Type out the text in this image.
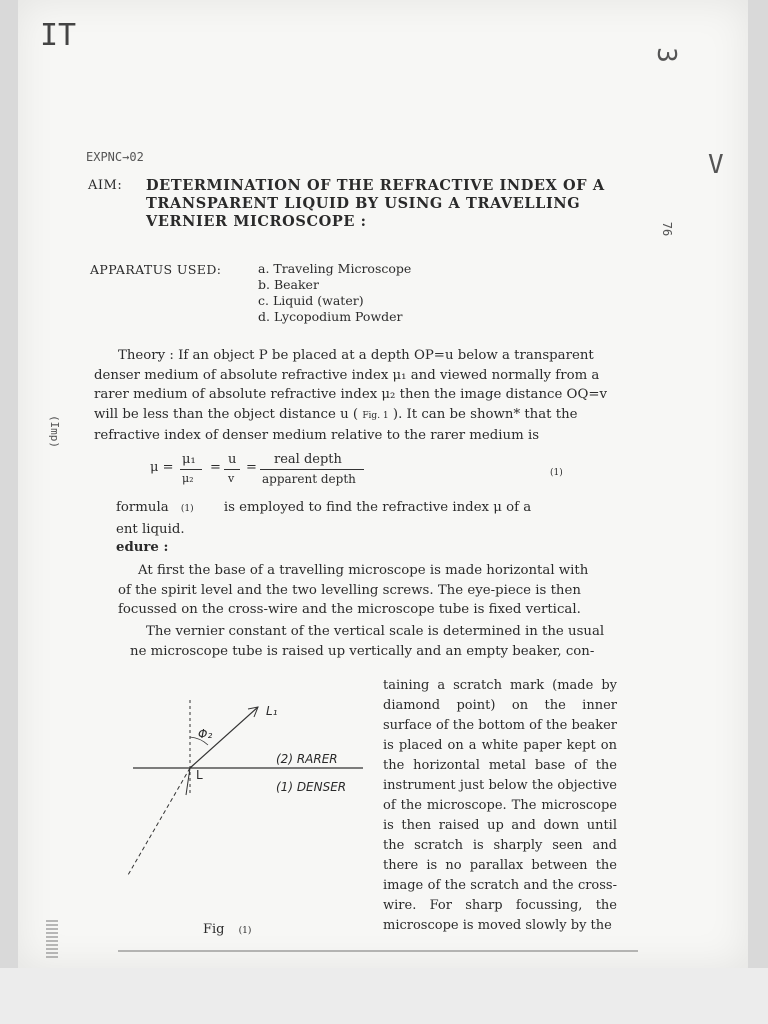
IT
3
V
76
EXPNC→02
(Imp)
AIM: DETERMINATION OF THE REFRACTIVE INDEX OF A TRANSPARENT LIQUID BY USING A TRAVELLING VERNIER MICROSCOPE :
APPARATUS USED:	a. Traveling Microscope
b. Beaker
c. Liquid (water)
d. Lycopodium Powder
Theory : If an object P be placed at a depth OP=u below a transparent
denser medium of absolute refractive index μ₁ and viewed normally from a
rarer medium of absolute refractive index μ₂ then the image distance OQ=v
will be less than the object distance u ( Fig. 1 ). It can be shown* that the
refractive index of denser medium relative to the rarer medium is
μ =
μ₁
μ₂
=
u
v
=
real depth
apparent depth	(1)
formula (1) is employed to find the refractive index μ of a
ent liquid.
edure :
At first the base of a travelling microscope is made horizontal with
of the spirit level and the two levelling screws. The eye-piece is then
focussed on the cross-wire and the microscope tube is fixed vertical.
The vernier constant of the vertical scale is determined in the usual
ne microscope tube is raised up vertically and an empty beaker, con-
taining a scratch mark (made by diamond point) on the inner surface of the bottom of the beaker is placed on a white paper kept on the horizontal metal base of the instrument just below the objective of the microscope. The microscope is then raised up and down until the scratch is sharply seen and there is no parallax between the image of the scratch and the cross-wire. For sharp focussing, the microscope is moved slowly by the
L₁
Φ₂
L
(2) RARER
(1) DENSER
Fig (1)
